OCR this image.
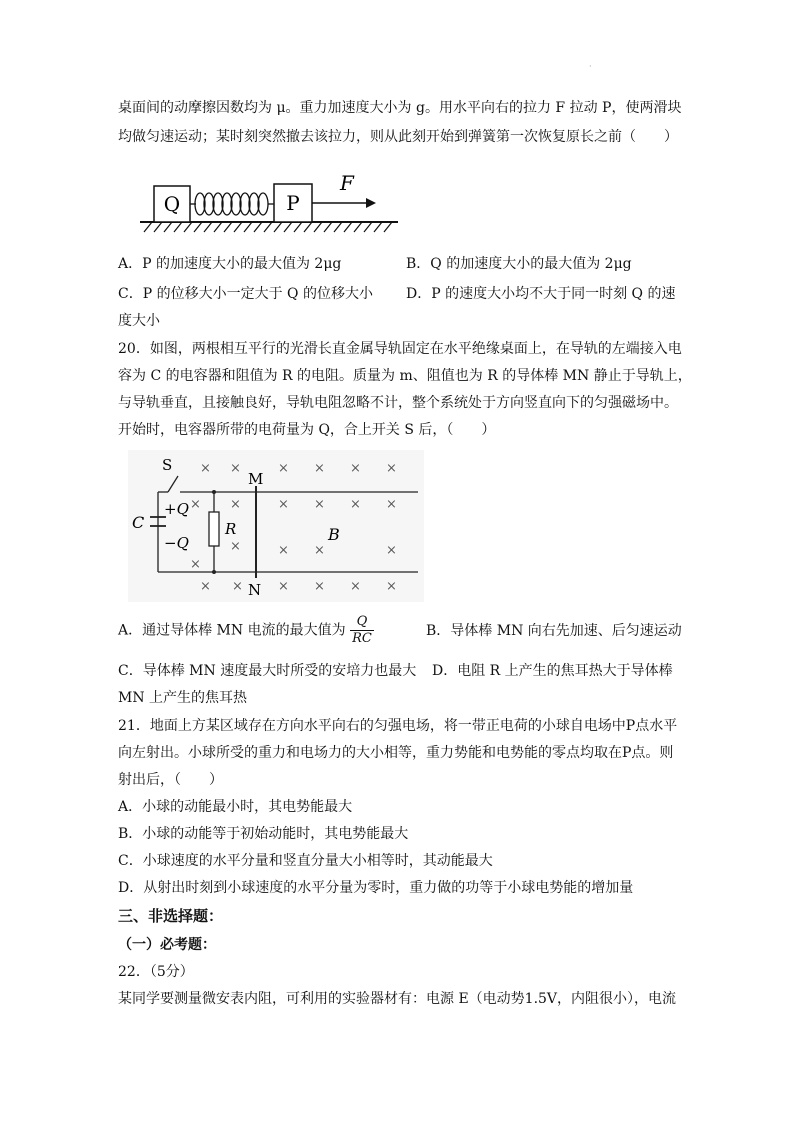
·
桌面间的动摩擦因数均为 μ。重力加速度大小为 g。用水平向右的拉力 F 拉动 P，使两滑块
均做匀速运动；某时刻突然撤去该拉力，则从此刻开始到弹簧第一次恢复原长之前（　　）
Q	P
F
A．P 的加速度大小的最大值为 2μg	B．Q 的加速度大小的最大值为 2μg
C．P 的位移大小一定大于 Q 的位移大小 D．P 的速度大小均不大于同一时刻 Q 的速
度大小
20．如图，两根相互平行的光滑长直金属导轨固定在水平绝缘桌面上，在导轨的左端接入电
容为 C 的电容器和阻值为 R 的电阻。质量为 m、阻值也为 R 的导体棒 MN 静止于导轨上，
与导轨垂直，且接触良好，导轨电阻忽略不计，整个系统处于方向竖直向下的匀强磁场中。
开始时，电容器所带的电荷量为 Q，合上开关 S 后，（　　）
S
M
N
C
+Q
−Q
R	B
× ×	× × × ×
× ×	× × × ×
×	× ×	×
×
× ×	× × × ×
A．通过导体棒 MN 电流的最大值为 $\frac{Q}{RC}$	B．导体棒 MN 向右先加速、后匀速运动
C．导体棒 MN 速度最大时所受的安培力也最大 D．电阻 R 上产生的焦耳热大于导体棒
MN 上产生的焦耳热
21．地面上方某区域存在方向水平向右的匀强电场，将一带正电荷的小球自电场中P点水平
向左射出。小球所受的重力和电场力的大小相等，重力势能和电势能的零点均取在P点。则
射出后，（　　）
A．小球的动能最小时，其电势能最大
B．小球的动能等于初始动能时，其电势能最大
C．小球速度的水平分量和竖直分量大小相等时，其动能最大
D．从射出时刻到小球速度的水平分量为零时，重力做的功等于小球电势能的增加量
三、非选择题：
（一）必考题：
22．（5分）
某同学要测量微安表内阻，可利用的实验器材有：电源 E（电动势1.5V，内阻很小），电流
